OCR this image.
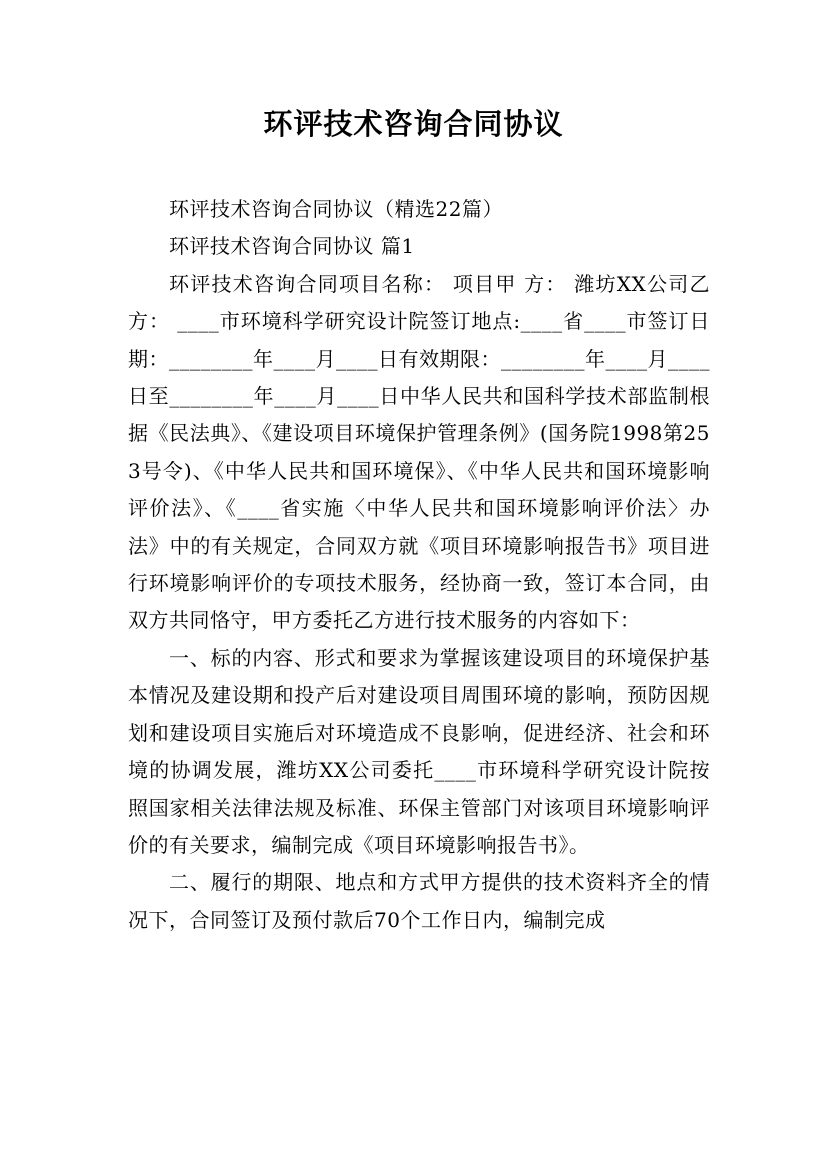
环评技术咨询合同协议

环评技术咨询合同协议（精选22篇）

环评技术咨询合同协议 篇1

环评技术咨询合同项目名称： 项目甲 方： 潍坊XX公司乙 方： ____市环境科学研究设计院签订地点:____省____市签订日期：________年____月____日有效期限：________年____月____日至________年____月____日中华人民共和国科学技术部监制根据《民法典》、《建设项目环境保护管理条例》(国务院1998第253号令)、《中华人民共和国环境保》、《中华人民共和国环境影响评价法》、《____省实施〈中华人民共和国环境影响评价法〉办法》中的有关规定，合同双方就《项目环境影响报告书》项目进行环境影响评价的专项技术服务，经协商一致，签订本合同，由双方共同恪守，甲方委托乙方进行技术服务的内容如下：

一、标的内容、形式和要求为掌握该建设项目的环境保护基本情况及建设期和投产后对建设项目周围环境的影响，预防因规划和建设项目实施后对环境造成不良影响，促进经济、社会和环境的协调发展，潍坊XX公司委托____市环境科学研究设计院按照国家相关法律法规及标准、环保主管部门对该项目环境影响评价的有关要求，编制完成《项目环境影响报告书》。

二、履行的期限、地点和方式甲方提供的技术资料齐全的情况下，合同签订及预付款后70个工作日内，编制完成
